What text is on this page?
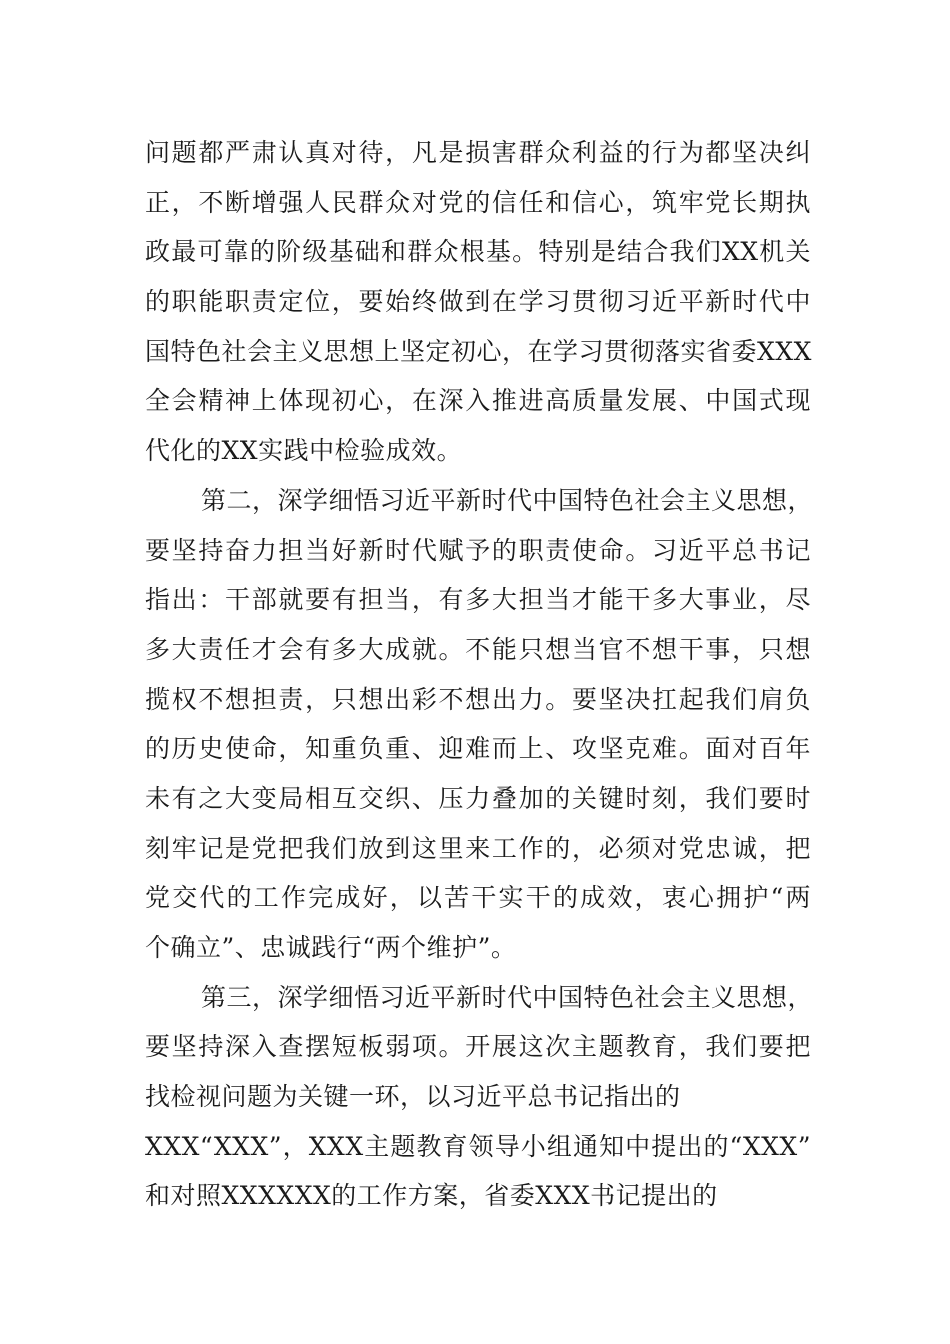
问题都严肃认真对待，凡是损害群众利益的行为都坚决纠
正，不断增强人民群众对党的信任和信心，筑牢党长期执
政最可靠的阶级基础和群众根基。特别是结合我们XX机关
的职能职责定位，要始终做到在学习贯彻习近平新时代中
国特色社会主义思想上坚定初心，在学习贯彻落实省委XXX
全会精神上体现初心，在深入推进高质量发展、中国式现
代化的XX实践中检验成效。
第二，深学细悟习近平新时代中国特色社会主义思想，
要坚持奋力担当好新时代赋予的职责使命。习近平总书记
指出：干部就要有担当，有多大担当才能干多大事业，尽
多大责任才会有多大成就。不能只想当官不想干事，只想
揽权不想担责，只想出彩不想出力。要坚决扛起我们肩负
的历史使命，知重负重、迎难而上、攻坚克难。面对百年
未有之大变局相互交织、压力叠加的关键时刻，我们要时
刻牢记是党把我们放到这里来工作的，必须对党忠诚，把
党交代的工作完成好，以苦干实干的成效，衷心拥护“两
个确立”、忠诚践行“两个维护”。
第三，深学细悟习近平新时代中国特色社会主义思想，
要坚持深入查摆短板弱项。开展这次主题教育，我们要把
找检视问题为关键一环，以习近平总书记指出的
XXX“XXX”，XXX主题教育领导小组通知中提出的“XXX”
和对照XXXXXX的工作方案，省委XXX书记提出的
